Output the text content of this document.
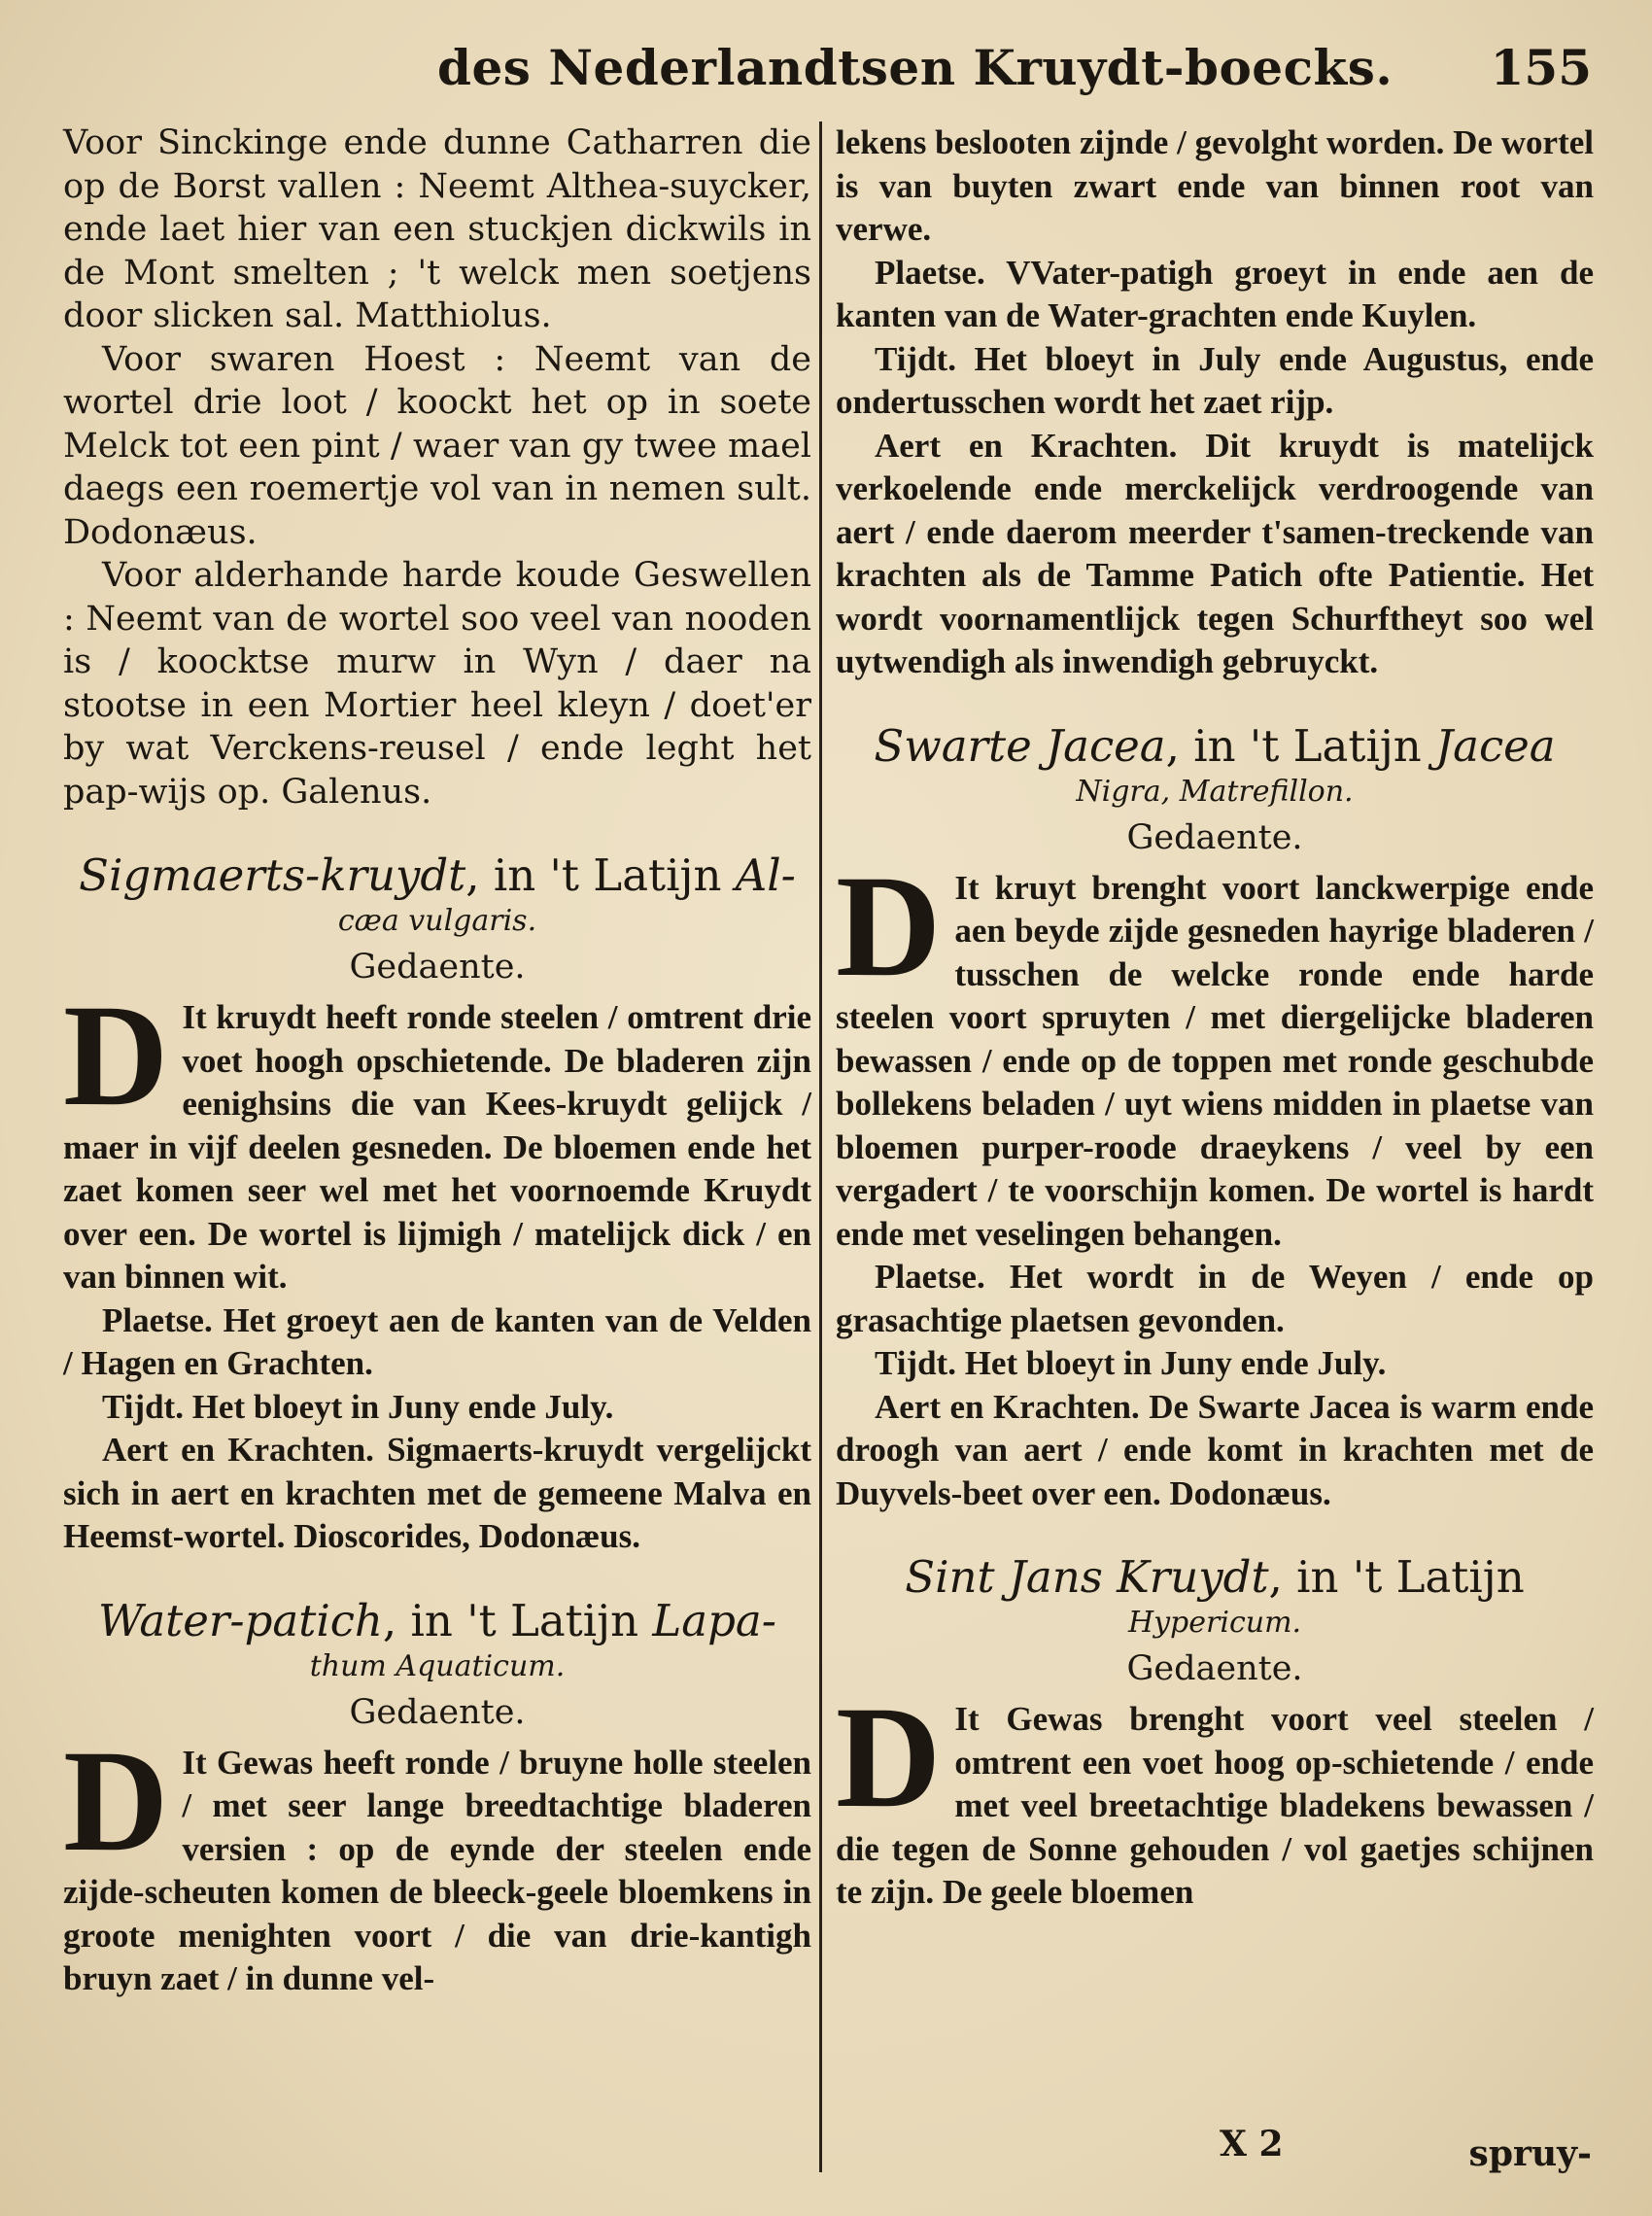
des Nederlandtsen Kruydt-boecks. 155

Voor Sinckinge ende dunne Catharren die op de Borst vallen : Neemt Althea-suycker, ende laet hier van een stuckjen dickwils in de Mont smelten ; 't welck men soetjens door slicken sal. Matthiolus.

Voor swaren Hoest : Neemt van de wortel drie loot / koockt het op in soete Melck tot een pint / waer van gy twee mael daegs een roemertje vol van in nemen sult. Dodonæus.

Voor alderhande harde koude Geswellen : Neemt van de wortel soo veel van nooden is / koocktse murw in Wyn / daer na stootse in een Mortier heel kleyn / doet'er by wat Verckens-reusel / ende leght het pap-wijs op. Galenus.

Sigmaerts-kruydt, in 't Latijn Al-
cæa vulgaris.
Gedaente.

D It kruydt heeft ronde steelen / omtrent drie voet hoogh opschietende. De bladeren zijn eenighsins die van Kees-kruydt gelijck / maer in vijf deelen gesneden. De bloemen ende het zaet komen seer wel met het voornoemde Kruydt over een. De wortel is lijmigh / matelijck dick / en van binnen wit.

Plaetse. Het groeyt aen de kanten van de Velden / Hagen en Grachten.

Tijdt. Het bloeyt in Juny ende July.

Aert en Krachten. Sigmaerts-kruydt vergelijckt sich in aert en krachten met de gemeene Malva en Heemst-wortel. Dioscorides, Dodonæus.

Water-patich, in 't Latijn Lapa-
thum Aquaticum.
Gedaente.

D It Gewas heeft ronde / bruyne holle steelen / met seer lange breedtachtige bladeren versien : op de eynde der steelen ende zijde-scheuten komen de bleeck-geele bloemkens in groote menighten voort / die van drie-kantigh bruyn zaet / in dunne vel-

lekens beslooten zijnde / gevolght worden. De wortel is van buyten zwart ende van binnen root van verwe.

Plaetse. VVater-patigh groeyt in ende aen de kanten van de Water-grachten ende Kuylen.

Tijdt. Het bloeyt in July ende Augustus, ende ondertusschen wordt het zaet rijp.

Aert en Krachten. Dit kruydt is matelijck verkoelende ende merckelijck verdroogende van aert / ende daerom meerder t'samen-treckende van krachten als de Tamme Patich ofte Patientie. Het wordt voornamentlijck tegen Schurftheyt soo wel uytwendigh als inwendigh gebruyckt.

Swarte Jacea, in 't Latijn Jacea
Nigra, Matrefillon.
Gedaente.

D It kruyt brenght voort lanckwerpige ende aen beyde zijde gesneden hayrige bladeren / tusschen de welcke ronde ende harde steelen voort spruyten / met diergelijcke bladeren bewassen / ende op de toppen met ronde geschubde bollekens beladen / uyt wiens midden in plaetse van bloemen purper-roode draeykens / veel by een vergadert / te voorschijn komen. De wortel is hardt ende met veselingen behangen.

Plaetse. Het wordt in de Weyen / ende op grasachtige plaetsen gevonden.

Tijdt. Het bloeyt in Juny ende July.

Aert en Krachten. De Swarte Jacea is warm ende droogh van aert / ende komt in krachten met de Duyvels-beet over een. Dodonæus.

Sint Jans Kruydt, in 't Latijn
Hypericum.
Gedaente.

D It Gewas brenght voort veel steelen / omtrent een voet hoog op-schietende / ende met veel breetachtige bladekens bewassen / die tegen de Sonne gehouden / vol gaetjes schijnen te zijn. De geele bloemen

X 2	spruy-
